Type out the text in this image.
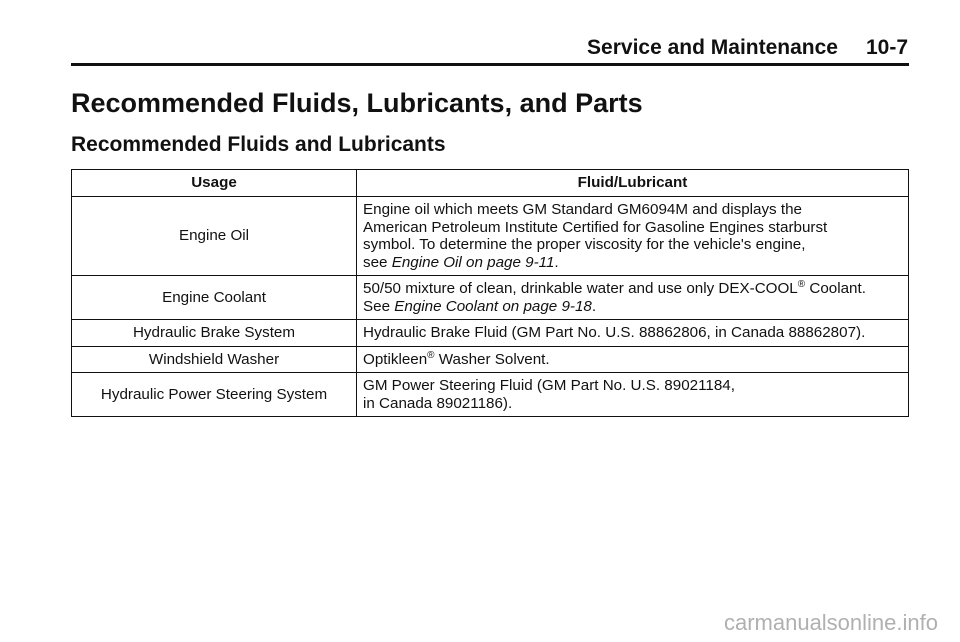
Service and Maintenance 10-7
Recommended Fluids, Lubricants, and Parts
Recommended Fluids and Lubricants
Usage	Fluid/Lubricant
Engine Oil	Engine oil which meets GM Standard GM6094M and displays the
American Petroleum Institute Certified for Gasoline Engines starburst
symbol. To determine the proper viscosity for the vehicle's engine,
see Engine Oil on page 9-11.
Engine Coolant	50/50 mixture of clean, drinkable water and use only DEX-COOL® Coolant.
See Engine Coolant on page 9-18.
Hydraulic Brake System	Hydraulic Brake Fluid (GM Part No. U.S. 88862806, in Canada 88862807).
Windshield Washer	Optikleen® Washer Solvent.
Hydraulic Power Steering System	GM Power Steering Fluid (GM Part No. U.S. 89021184,
in Canada 89021186).
carmanualsonline.info
